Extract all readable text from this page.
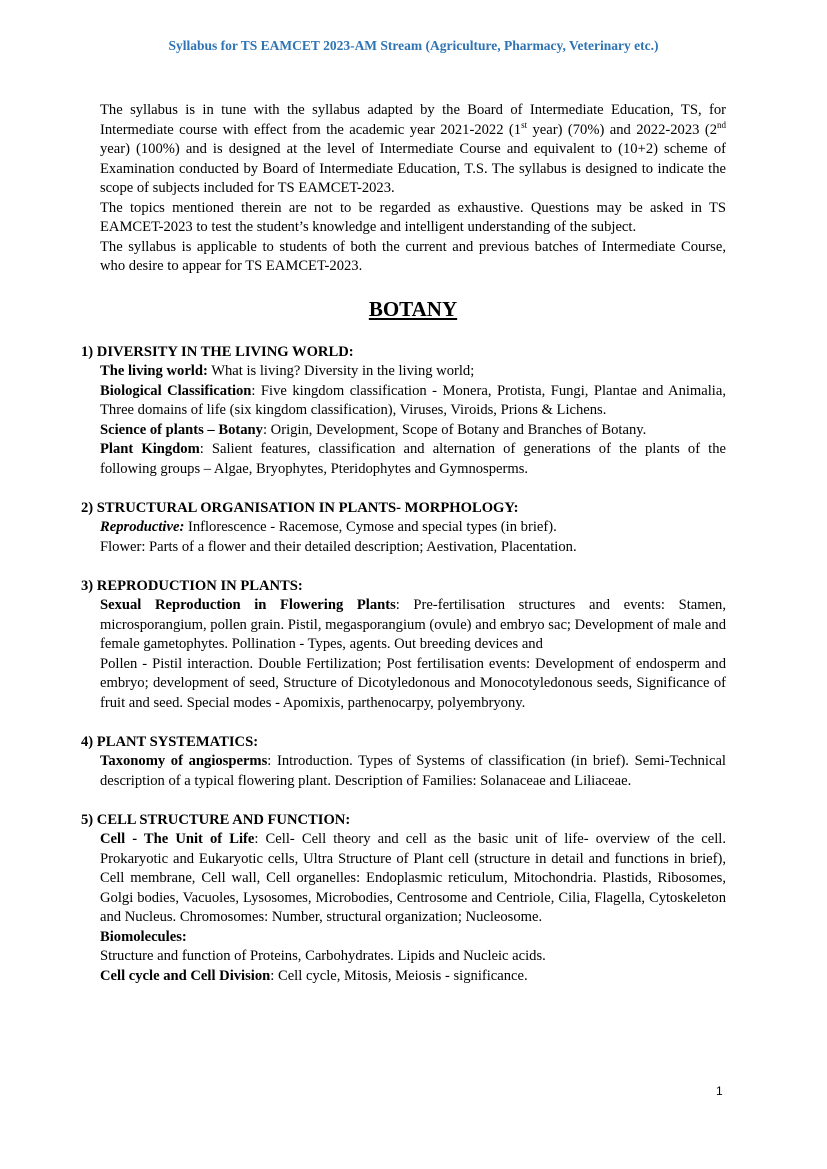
Syllabus for TS EAMCET 2023-AM Stream (Agriculture, Pharmacy, Veterinary etc.)

The syllabus is in tune with the syllabus adapted by the Board of Intermediate Education, TS, for Intermediate course with effect from the academic year 2021-2022 (1st year) (70%) and 2022-2023 (2nd year) (100%) and is designed at the level of Intermediate Course and equivalent to (10+2) scheme of Examination conducted by Board of Intermediate Education, T.S. The syllabus is designed to indicate the scope of subjects included for TS EAMCET-2023.

The topics mentioned therein are not to be regarded as exhaustive. Questions may be asked in TS EAMCET-2023 to test the student’s knowledge and intelligent understanding of the subject.

The syllabus is applicable to students of both the current and previous batches of Intermediate Course, who desire to appear for TS EAMCET-2023.

BOTANY
1) DIVERSITY IN THE LIVING WORLD:

The living world: What is living? Diversity in the living world;

Biological Classification: Five kingdom classification - Monera, Protista, Fungi, Plantae and Animalia, Three domains of life (six kingdom classification), Viruses, Viroids, Prions & Lichens.

Science of plants – Botany: Origin, Development, Scope of Botany and Branches of Botany.

Plant Kingdom: Salient features, classification and alternation of generations of the plants of the following groups – Algae, Bryophytes, Pteridophytes and Gymnosperms.

2) STRUCTURAL ORGANISATION IN PLANTS- MORPHOLOGY:

Reproductive: Inflorescence - Racemose, Cymose and special types (in brief).

Flower: Parts of a flower and their detailed description; Aestivation, Placentation.

3) REPRODUCTION IN PLANTS:

Sexual Reproduction in Flowering Plants: Pre-fertilisation structures and events: Stamen, microsporangium, pollen grain. Pistil, megasporangium (ovule) and embryo sac; Development of male and female gametophytes. Pollination - Types, agents. Out breeding devices and

Pollen - Pistil interaction. Double Fertilization; Post fertilisation events: Development of endosperm and embryo; development of seed, Structure of Dicotyledonous and Monocotyledonous seeds, Significance of fruit and seed. Special modes - Apomixis, parthenocarpy, polyembryony.

4) PLANT SYSTEMATICS:

Taxonomy of angiosperms: Introduction. Types of Systems of classification (in brief). Semi-Technical description of a typical flowering plant. Description of Families: Solanaceae and Liliaceae.

5) CELL STRUCTURE AND FUNCTION:

Cell - The Unit of Life: Cell- Cell theory and cell as the basic unit of life- overview of the cell. Prokaryotic and Eukaryotic cells, Ultra Structure of Plant cell (structure in detail and functions in brief), Cell membrane, Cell wall, Cell organelles: Endoplasmic reticulum, Mitochondria. Plastids, Ribosomes, Golgi bodies, Vacuoles, Lysosomes, Microbodies, Centrosome and Centriole, Cilia, Flagella, Cytoskeleton and Nucleus. Chromosomes: Number, structural organization; Nucleosome.

Biomolecules:

Structure and function of Proteins, Carbohydrates. Lipids and Nucleic acids.

Cell cycle and Cell Division: Cell cycle, Mitosis, Meiosis - significance.

1
